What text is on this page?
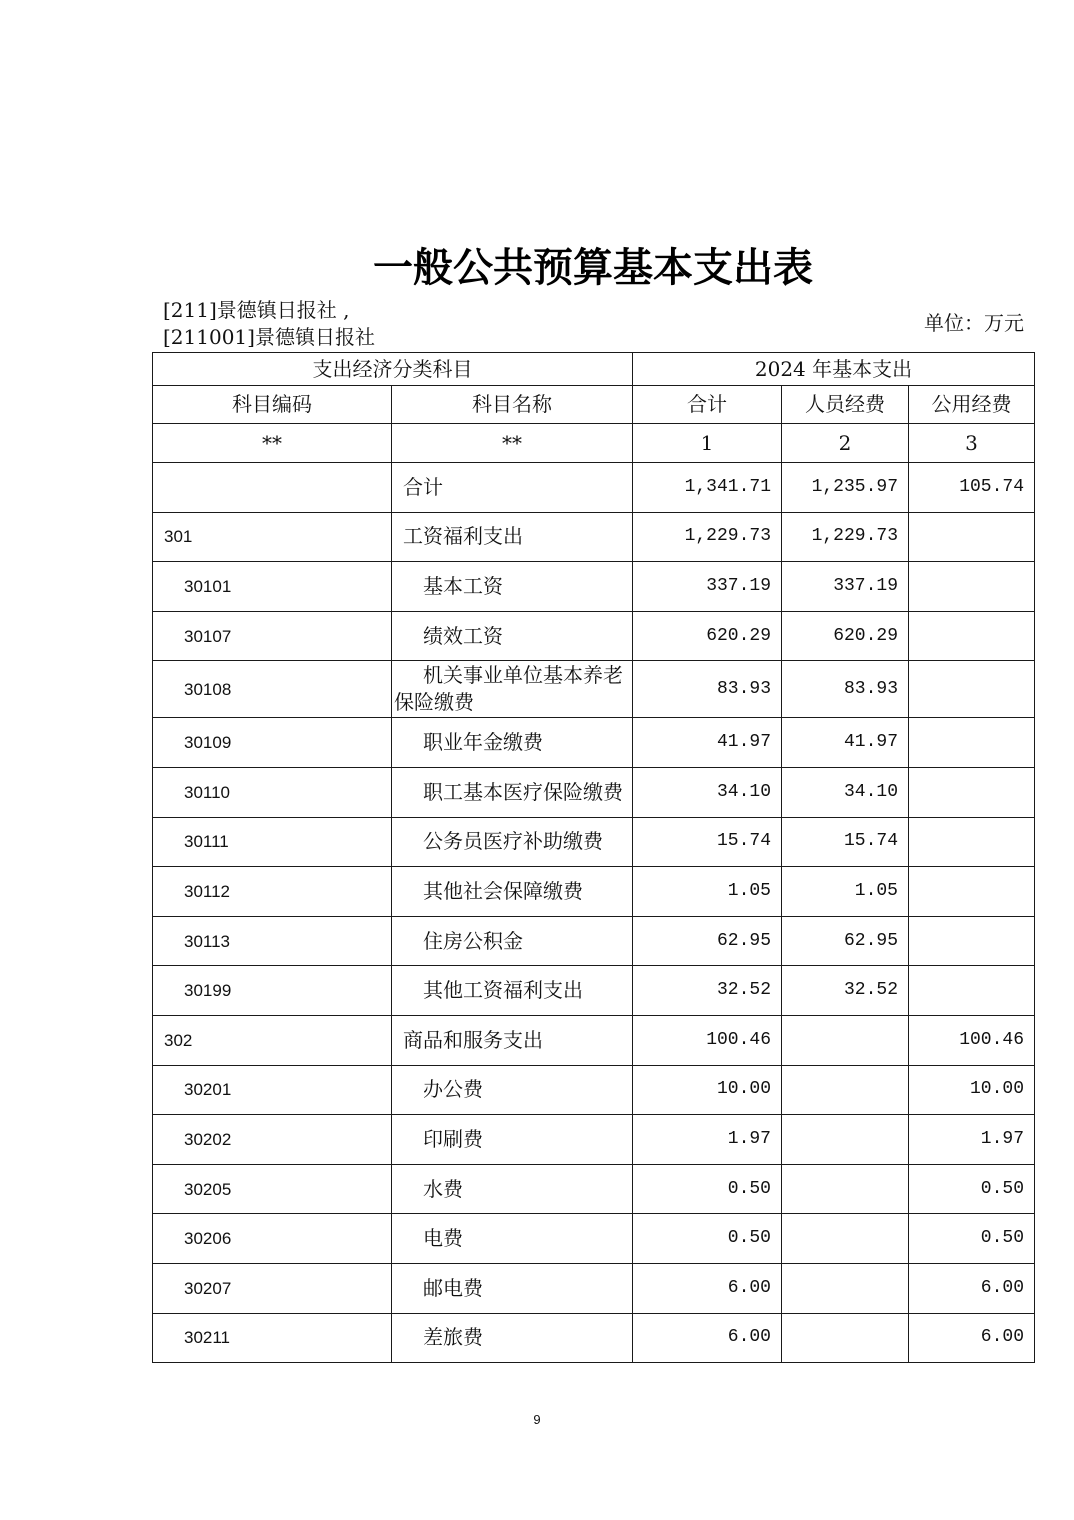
一般公共预算基本支出表
[211]景德镇日报社 ,
[211001]景德镇日报社
单位：万元
支出经济分类科目		2024 年基本支出		
科目编码	科目名称	合计	人员经费	公用经费
**	**	1	2	3
	合计	1,341.71	1,235.97	105.74
301	工资福利支出	1,229.73	1,229.73	
30101	基本工资	337.19	337.19	
30107	绩效工资	620.29	620.29	
30108	机关事业单位基本养老保险缴费	83.93	83.93	
30109	职业年金缴费	41.97	41.97	
30110	职工基本医疗保险缴费	34.10	34.10	
30111	公务员医疗补助缴费	15.74	15.74	
30112	其他社会保障缴费	1.05	1.05	
30113	住房公积金	62.95	62.95	
30199	其他工资福利支出	32.52	32.52	
302	商品和服务支出	100.46		100.46
30201	办公费	10.00		10.00
30202	印刷费	1.97		1.97
30205	水费	0.50		0.50
30206	电费	0.50		0.50
30207	邮电费	6.00		6.00
30211	差旅费	6.00		6.00
9
